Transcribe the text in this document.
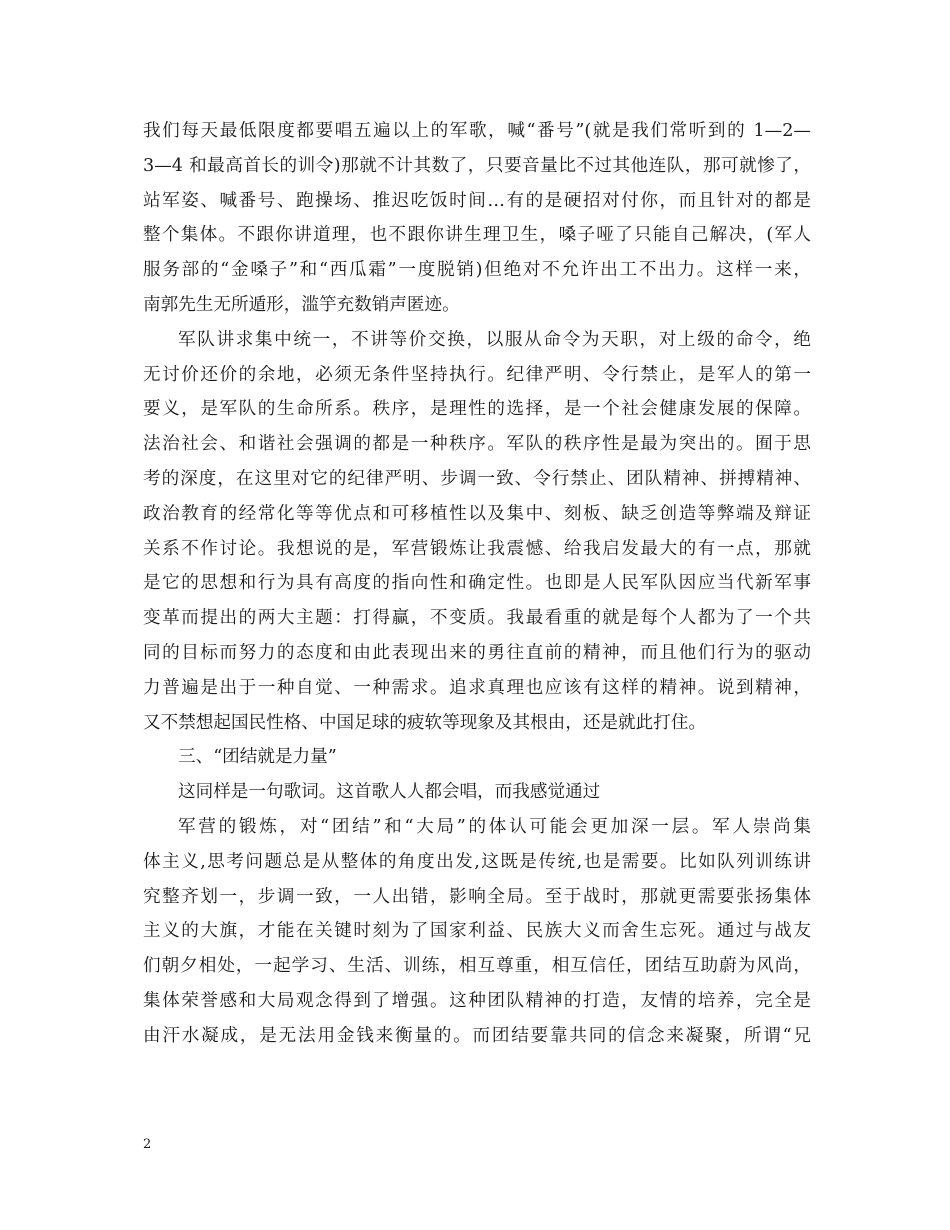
我们每天最低限度都要唱五遍以上的军歌，喊“番号”(就是我们常听到的 1—2—
3—4 和最高首长的训令)那就不计其数了，只要音量比不过其他连队，那可就惨了，
站军姿、喊番号、跑操场、推迟吃饭时间…有的是硬招对付你，而且针对的都是
整个集体。不跟你讲道理，也不跟你讲生理卫生，嗓子哑了只能自己解决，(军人
服务部的“金嗓子”和“西瓜霜”一度脱销)但绝对不允许出工不出力。这样一来，
南郭先生无所遁形，滥竽充数销声匿迹。
军队讲求集中统一，不讲等价交换，以服从命令为天职，对上级的命令，绝
无讨价还价的余地，必须无条件坚持执行。纪律严明、令行禁止，是军人的第一
要义，是军队的生命所系。秩序，是理性的选择，是一个社会健康发展的保障。
法治社会、和谐社会强调的都是一种秩序。军队的秩序性是最为突出的。囿于思
考的深度，在这里对它的纪律严明、步调一致、令行禁止、团队精神、拼搏精神、
政治教育的经常化等等优点和可移植性以及集中、刻板、缺乏创造等弊端及辩证
关系不作讨论。我想说的是，军营锻炼让我震憾、给我启发最大的有一点，那就
是它的思想和行为具有高度的指向性和确定性。也即是人民军队因应当代新军事
变革而提出的两大主题：打得赢，不变质。我最看重的就是每个人都为了一个共
同的目标而努力的态度和由此表现出来的勇往直前的精神，而且他们行为的驱动
力普遍是出于一种自觉、一种需求。追求真理也应该有这样的精神。说到精神，
又不禁想起国民性格、中国足球的疲软等现象及其根由，还是就此打住。
三、“团结就是力量”
这同样是一句歌词。这首歌人人都会唱，而我感觉通过
军营的锻炼，对“团结”和“大局”的体认可能会更加深一层。军人崇尚集
体主义,思考问题总是从整体的角度出发,这既是传统,也是需要。比如队列训练讲
究整齐划一，步调一致，一人出错，影响全局。至于战时，那就更需要张扬集体
主义的大旗，才能在关键时刻为了国家利益、民族大义而舍生忘死。通过与战友
们朝夕相处，一起学习、生活、训练，相互尊重，相互信任，团结互助蔚为风尚，
集体荣誉感和大局观念得到了增强。这种团队精神的打造，友情的培养，完全是
由汗水凝成，是无法用金钱来衡量的。而团结要靠共同的信念来凝聚，所谓“兄
2
